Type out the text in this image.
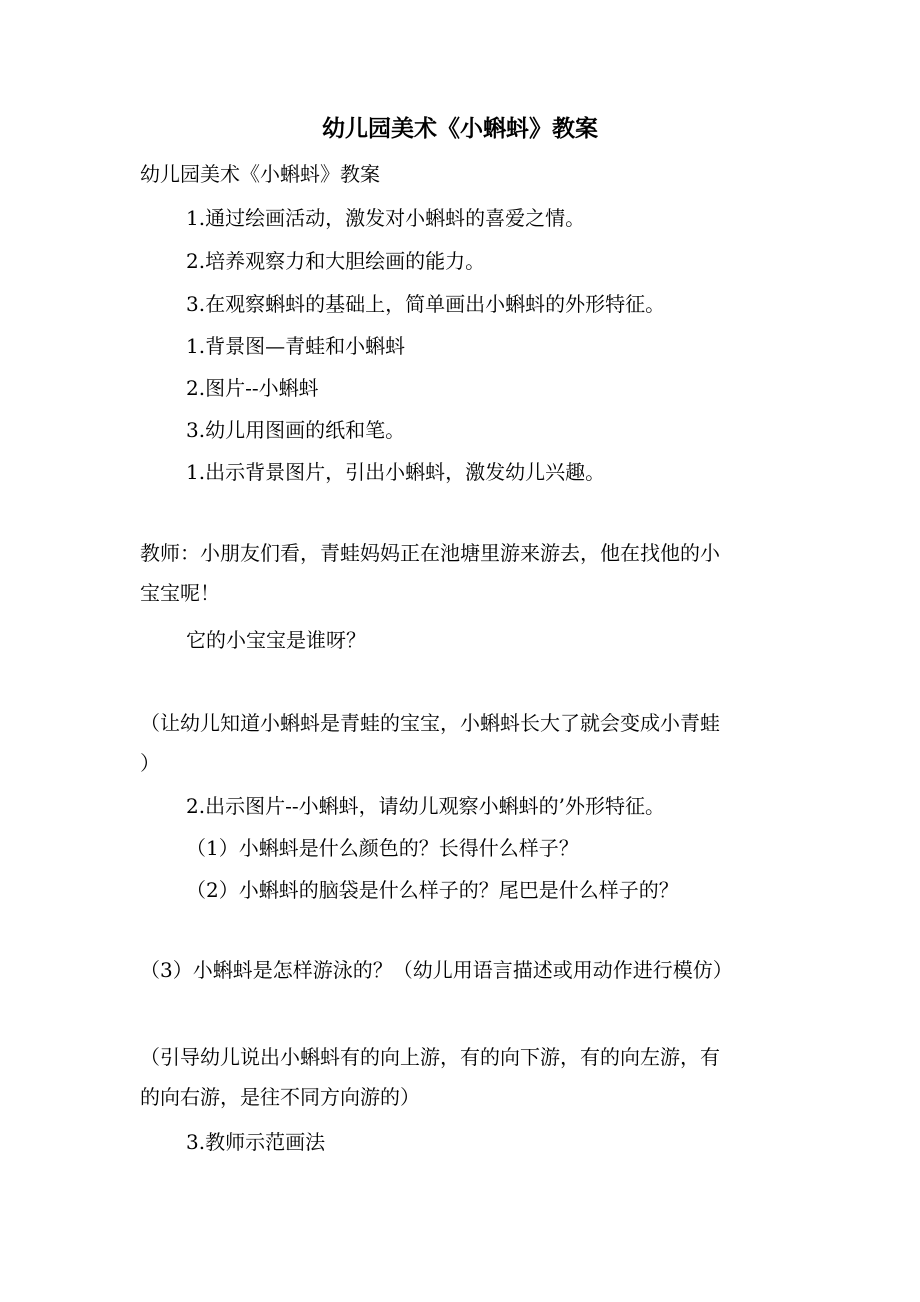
幼儿园美术《小蝌蚪》教案
幼儿园美术《小蝌蚪》教案
1.通过绘画活动，激发对小蝌蚪的喜爱之情。
2.培养观察力和大胆绘画的能力。
3.在观察蝌蚪的基础上，简单画出小蝌蚪的外形特征。
1.背景图—青蛙和小蝌蚪
2.图片--小蝌蚪
3.幼儿用图画的纸和笔。
1.出示背景图片，引出小蝌蚪，激发幼儿兴趣。

教师：小朋友们看，青蛙妈妈正在池塘里游来游去，他在找他的小

宝宝呢！

它的小宝宝是谁呀？

（让幼儿知道小蝌蚪是青蛙的宝宝，小蝌蚪长大了就会变成小青蛙

）

2.出示图片--小蝌蚪，请幼儿观察小蝌蚪的’外形特征。
（1）小蝌蚪是什么颜色的？长得什么样子？
（2）小蝌蚪的脑袋是什么样子的？尾巴是什么样子的？
（3）小蝌蚪是怎样游泳的？（幼儿用语言描述或用动作进行模仿）

（引导幼儿说出小蝌蚪有的向上游，有的向下游，有的向左游，有

的向右游，是往不同方向游的）

3.教师示范画法
